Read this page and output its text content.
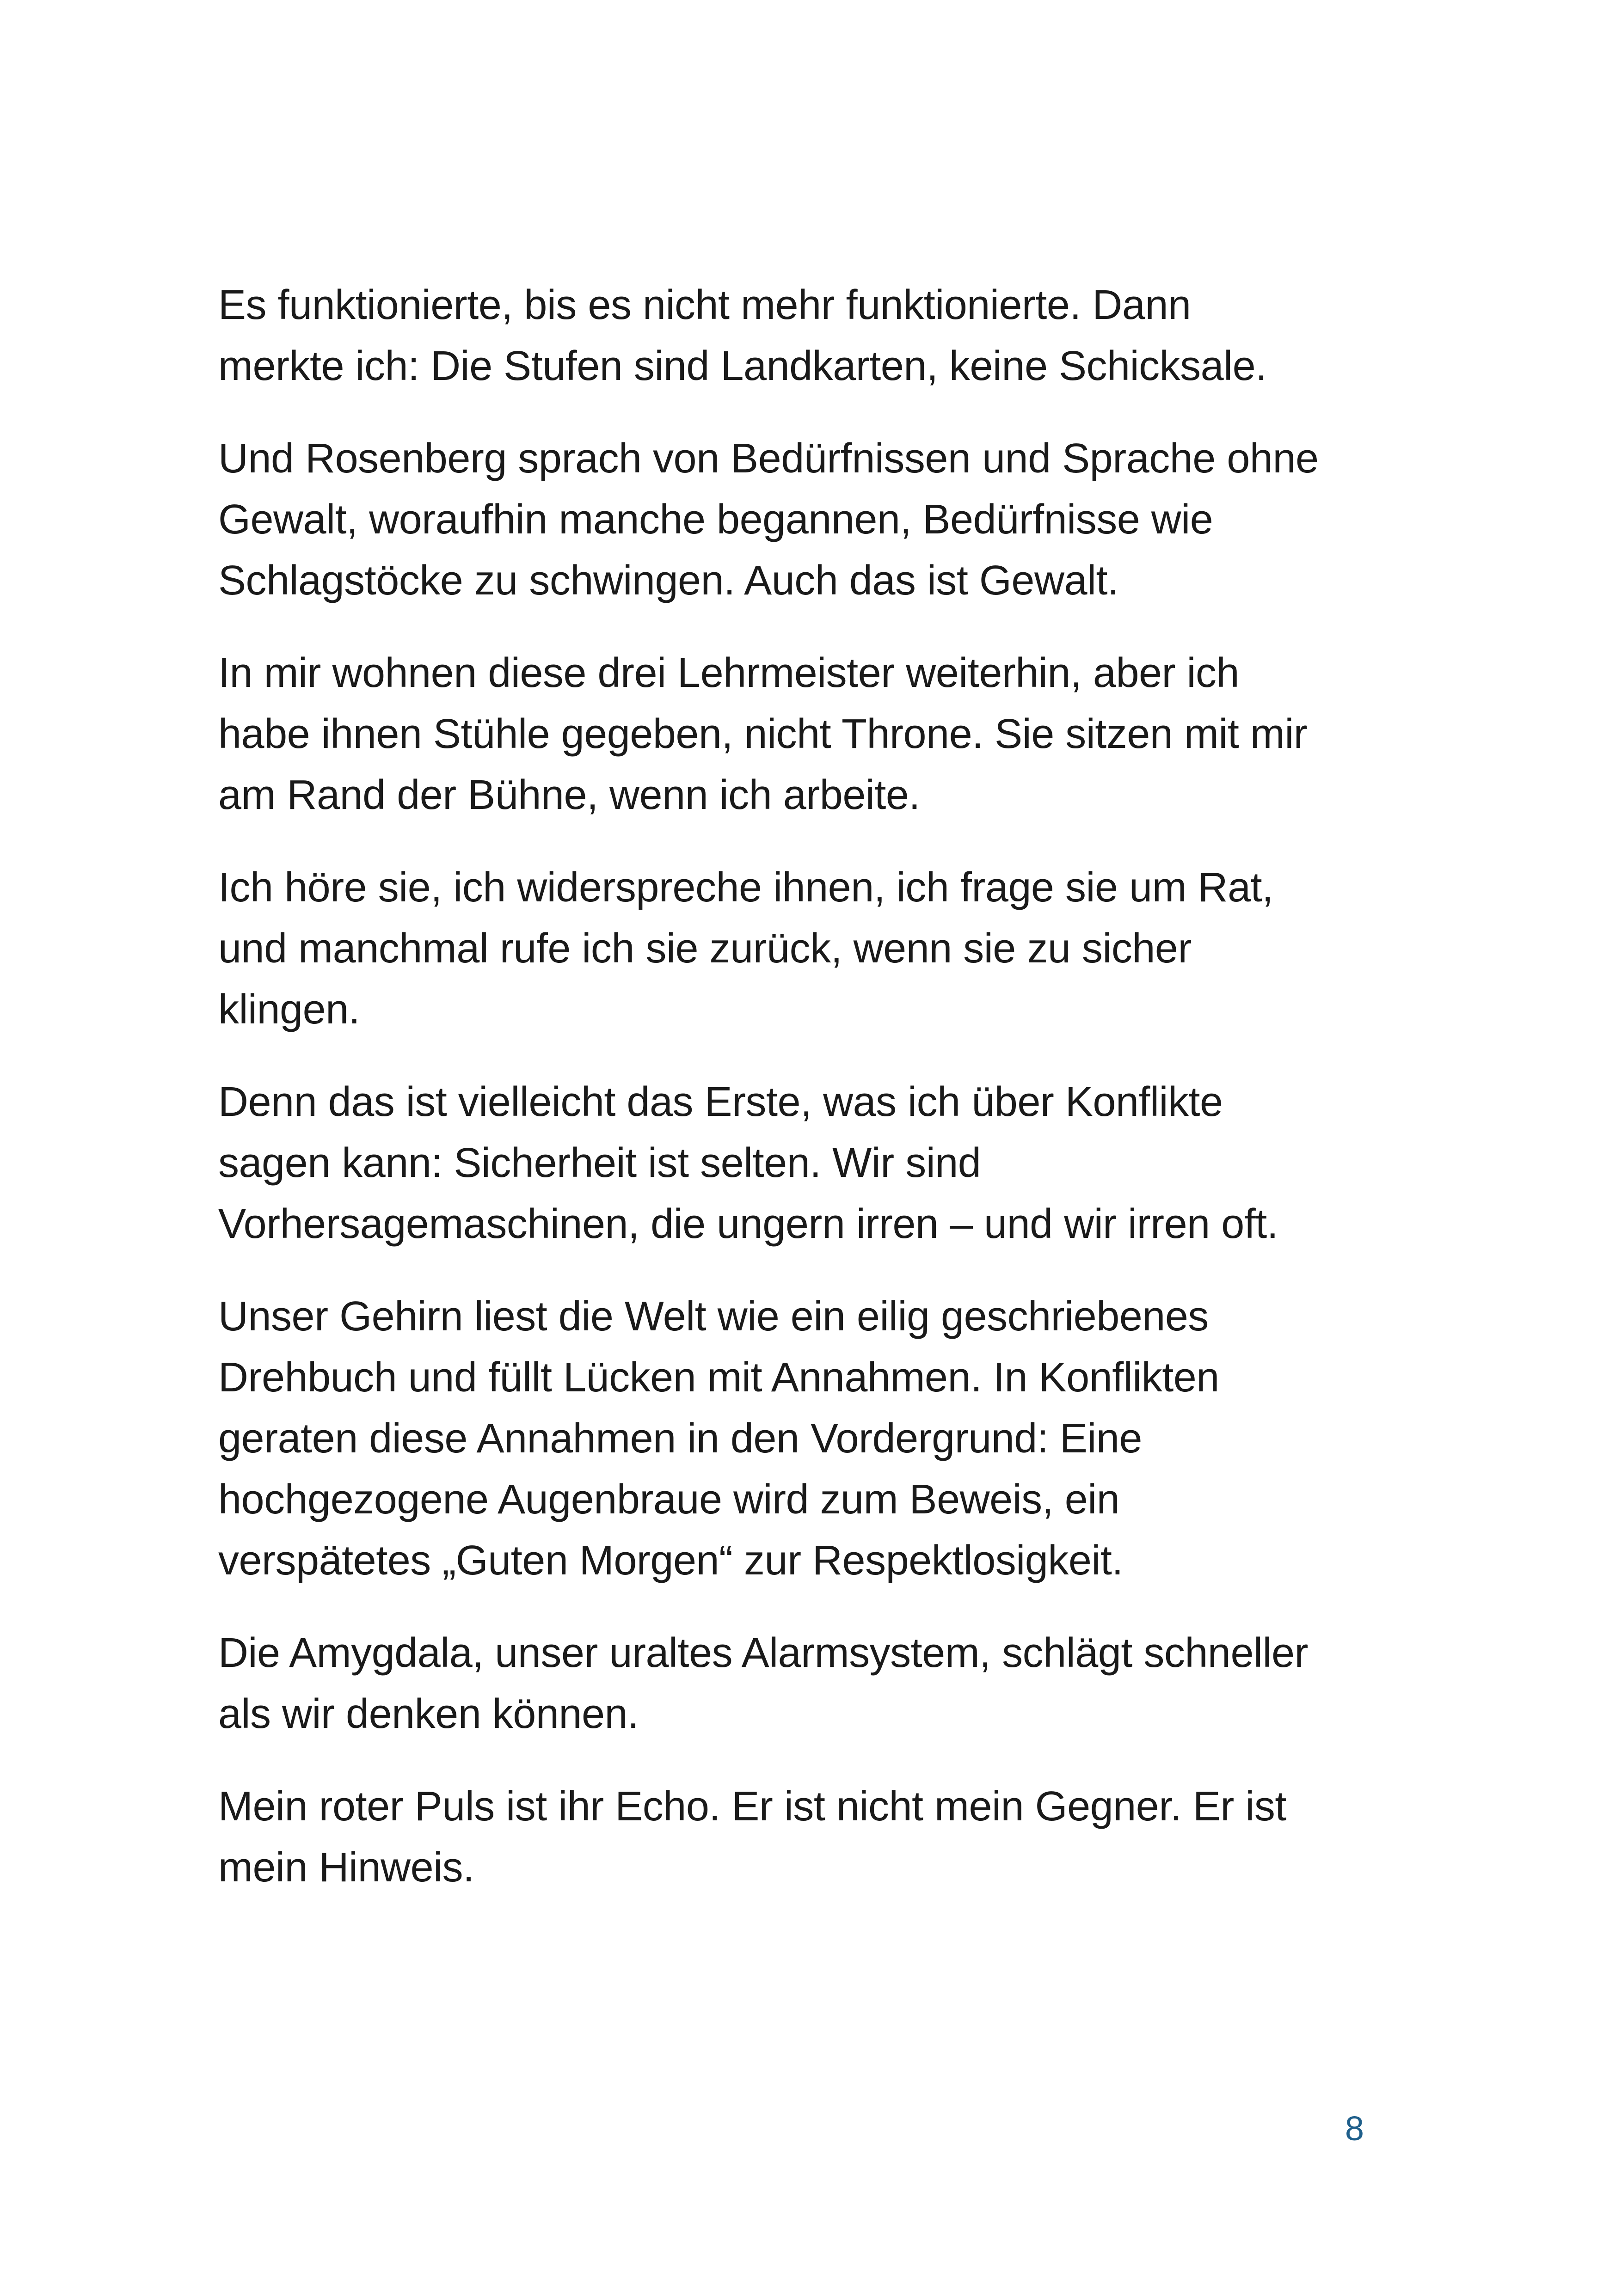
Es funktionierte, bis es nicht mehr funktionierte. Dann
merkte ich: Die Stufen sind Landkarten, keine Schicksale.

Und Rosenberg sprach von Bedürfnissen und Sprache ohne
Gewalt, woraufhin manche begannen, Bedürfnisse wie
Schlagstöcke zu schwingen. Auch das ist Gewalt.

In mir wohnen diese drei Lehrmeister weiterhin, aber ich
habe ihnen Stühle gegeben, nicht Throne. Sie sitzen mit mir
am Rand der Bühne, wenn ich arbeite.

Ich höre sie, ich widerspreche ihnen, ich frage sie um Rat,
und manchmal rufe ich sie zurück, wenn sie zu sicher
klingen.

Denn das ist vielleicht das Erste, was ich über Konflikte
sagen kann: Sicherheit ist selten. Wir sind
Vorhersagemaschinen, die ungern irren – und wir irren oft.

Unser Gehirn liest die Welt wie ein eilig geschriebenes
Drehbuch und füllt Lücken mit Annahmen. In Konflikten
geraten diese Annahmen in den Vordergrund: Eine
hochgezogene Augenbraue wird zum Beweis, ein
verspätetes „Guten Morgen“ zur Respektlosigkeit.

Die Amygdala, unser uraltes Alarmsystem, schlägt schneller
als wir denken können.

Mein roter Puls ist ihr Echo. Er ist nicht mein Gegner. Er ist
mein Hinweis.

8
